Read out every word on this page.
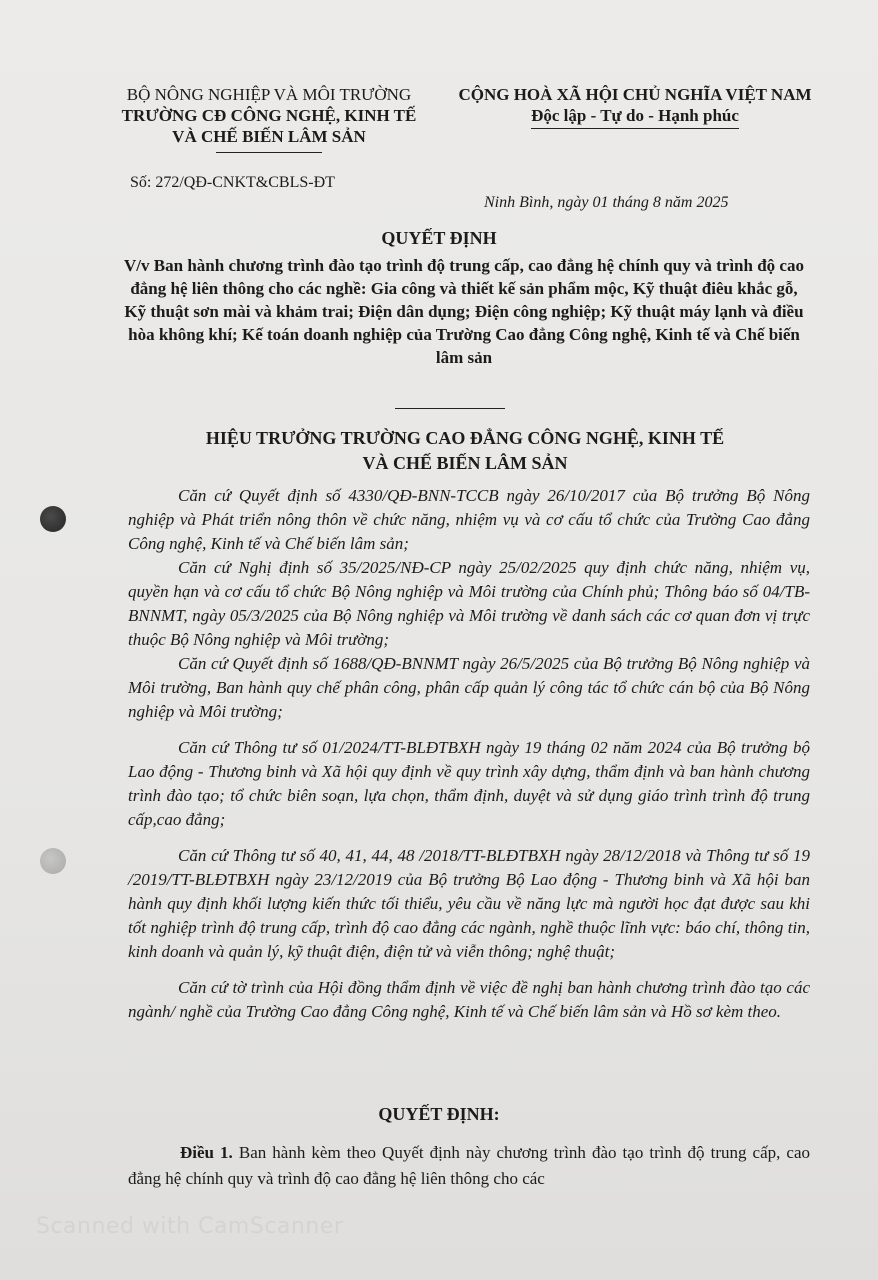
BỘ NÔNG NGHIỆP VÀ MÔI TRƯỜNG
TRƯỜNG CĐ CÔNG NGHỆ, KINH TẾ
VÀ CHẾ BIẾN LÂM SẢN
CỘNG HOÀ XÃ HỘI CHỦ NGHĨA VIỆT NAM
Độc lập - Tự do - Hạnh phúc
Số: 272/QĐ-CNKT&CBLS-ĐT
Ninh Bình, ngày 01 tháng 8 năm 2025
QUYẾT ĐỊNH
V/v Ban hành chương trình đào tạo trình độ trung cấp, cao đẳng hệ chính quy và trình độ cao đẳng hệ liên thông cho các nghề: Gia công và thiết kế sản phẩm mộc, Kỹ thuật điêu khắc gỗ, Kỹ thuật sơn mài và khảm trai; Điện dân dụng; Điện công nghiệp; Kỹ thuật máy lạnh và điều hòa không khí; Kế toán doanh nghiệp của Trường Cao đẳng Công nghệ, Kinh tế và Chế biến lâm sản
HIỆU TRƯỞNG TRƯỜNG CAO ĐẲNG CÔNG NGHỆ, KINH TẾ
VÀ CHẾ BIẾN LÂM SẢN

Căn cứ Quyết định số 4330/QĐ-BNN-TCCB ngày 26/10/2017 của Bộ trưởng Bộ Nông nghiệp và Phát triển nông thôn về chức năng, nhiệm vụ và cơ cấu tổ chức của Trường Cao đẳng Công nghệ, Kinh tế và Chế biến lâm sản;

Căn cứ Nghị định số 35/2025/NĐ-CP ngày 25/02/2025 quy định chức năng, nhiệm vụ, quyền hạn và cơ cấu tổ chức Bộ Nông nghiệp và Môi trường của Chính phủ; Thông báo số 04/TB-BNNMT, ngày 05/3/2025 của Bộ Nông nghiệp và Môi trường về danh sách các cơ quan đơn vị trực thuộc Bộ Nông nghiệp và Môi trường;

Căn cứ Quyết định số 1688/QĐ-BNNMT ngày 26/5/2025 của Bộ trưởng Bộ Nông nghiệp và Môi trường, Ban hành quy chế phân công, phân cấp quản lý công tác tổ chức cán bộ của Bộ Nông nghiệp và Môi trường;

Căn cứ Thông tư số 01/2024/TT-BLĐTBXH ngày 19 tháng 02 năm 2024 của Bộ trưởng bộ Lao động - Thương binh và Xã hội quy định về quy trình xây dựng, thẩm định và ban hành chương trình đào tạo; tổ chức biên soạn, lựa chọn, thẩm định, duyệt và sử dụng giáo trình trình độ trung cấp,cao đẳng;

Căn cứ Thông tư số 40, 41, 44, 48 /2018/TT-BLĐTBXH ngày 28/12/2018 và Thông tư số 19 /2019/TT-BLĐTBXH ngày 23/12/2019 của Bộ trưởng Bộ Lao động - Thương binh và Xã hội ban hành quy định khối lượng kiến thức tối thiểu, yêu cầu về năng lực mà người học đạt được sau khi tốt nghiệp trình độ trung cấp, trình độ cao đẳng các ngành, nghề thuộc lĩnh vực: báo chí, thông tin, kinh doanh và quản lý, kỹ thuật điện, điện tử và viễn thông; nghệ thuật;

Căn cứ tờ trình của Hội đồng thẩm định về việc đề nghị ban hành chương trình đào tạo các ngành/ nghề của Trường Cao đẳng Công nghệ, Kinh tế và Chế biến lâm sản và Hồ sơ kèm theo.

QUYẾT ĐỊNH:
Điều 1. Ban hành kèm theo Quyết định này chương trình đào tạo trình độ trung cấp, cao đẳng hệ chính quy và trình độ cao đẳng hệ liên thông cho các
Scanned with CamScanner
